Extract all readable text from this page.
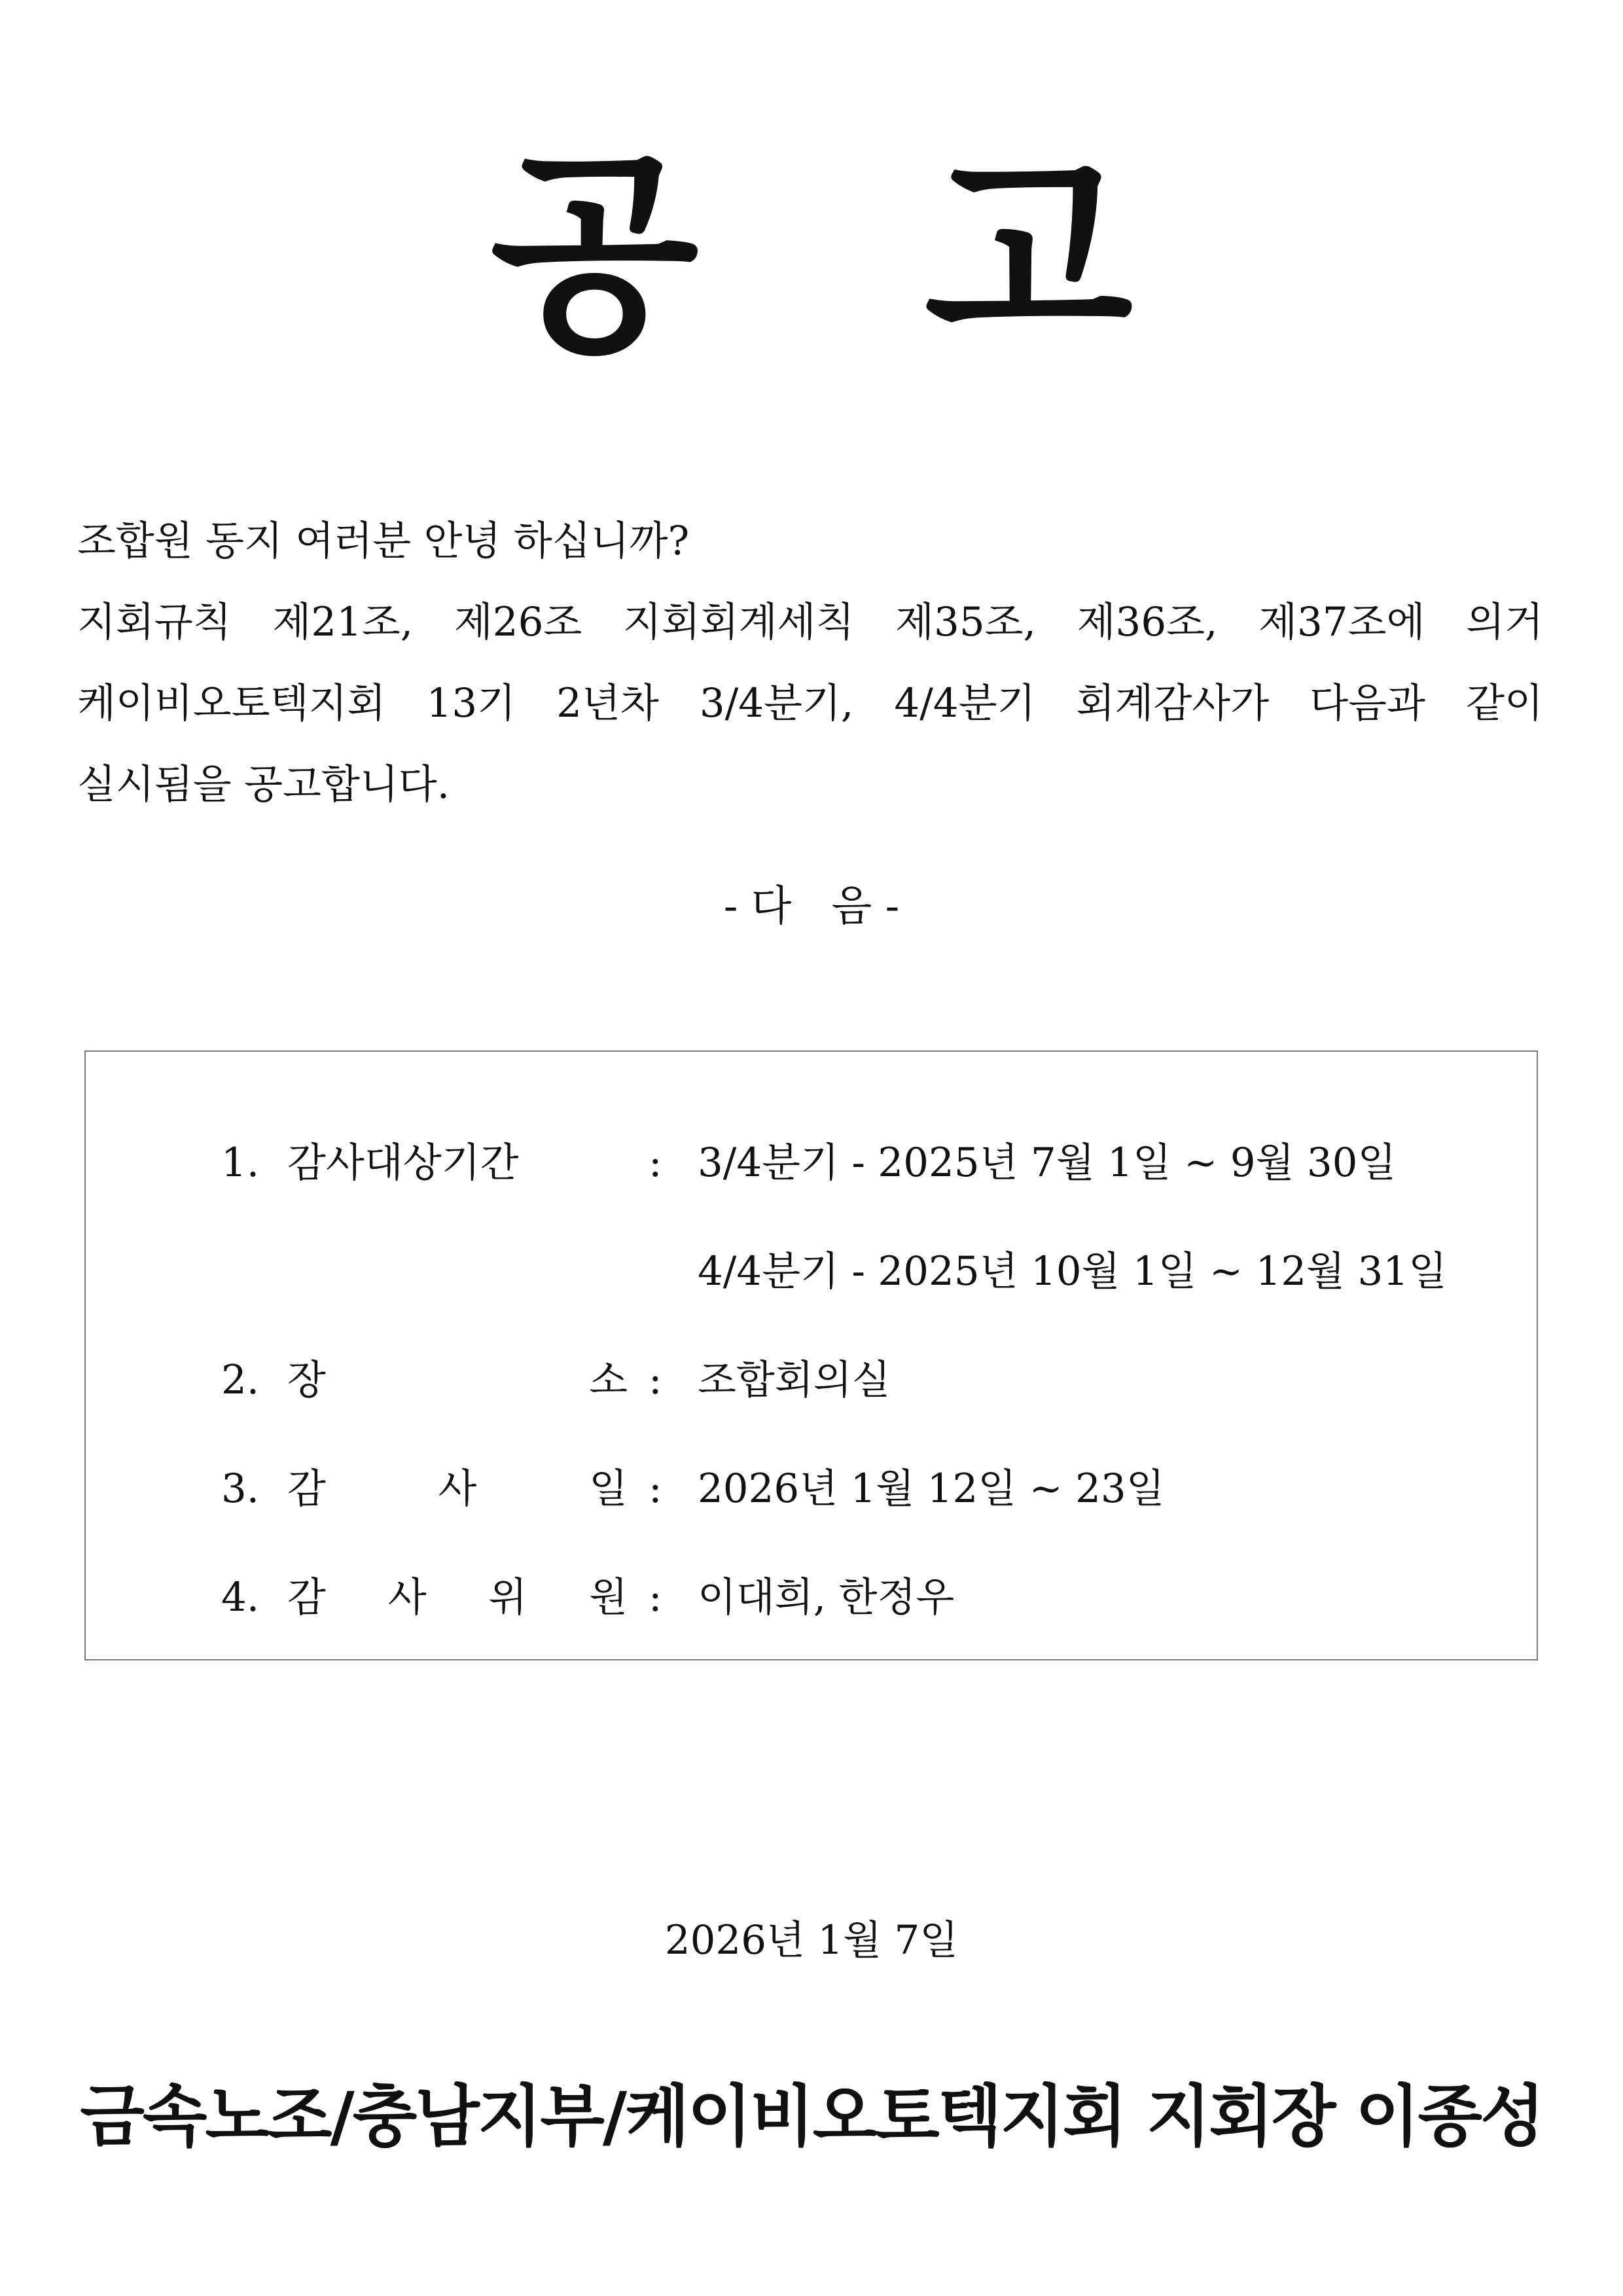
공   고
조합원 동지 여러분 안녕 하십니까?
지회규칙 제21조, 제26조 지회회계세칙 제35조, 제36조, 제37조에 의거
케이비오토텍지회 13기 2년차 3/4분기, 4/4분기 회계감사가 다음과 같이
실시됨을 공고합니다.
- 다   음 -
1. 감사대상기간	: 3/4분기 - 2025년 7월 1일 ~ 9월 30일
4/4분기 - 2025년 10월 1일 ~ 12월 31일
2. 장	소 : 조합회의실
3. 감	사	일 : 2026년 1월 12일 ~ 23일
4. 감 사 위 원 : 이대희, 한정우
2026년 1월 7일
금속노조/충남지부/케이비오토텍지회 지회장 이종성
